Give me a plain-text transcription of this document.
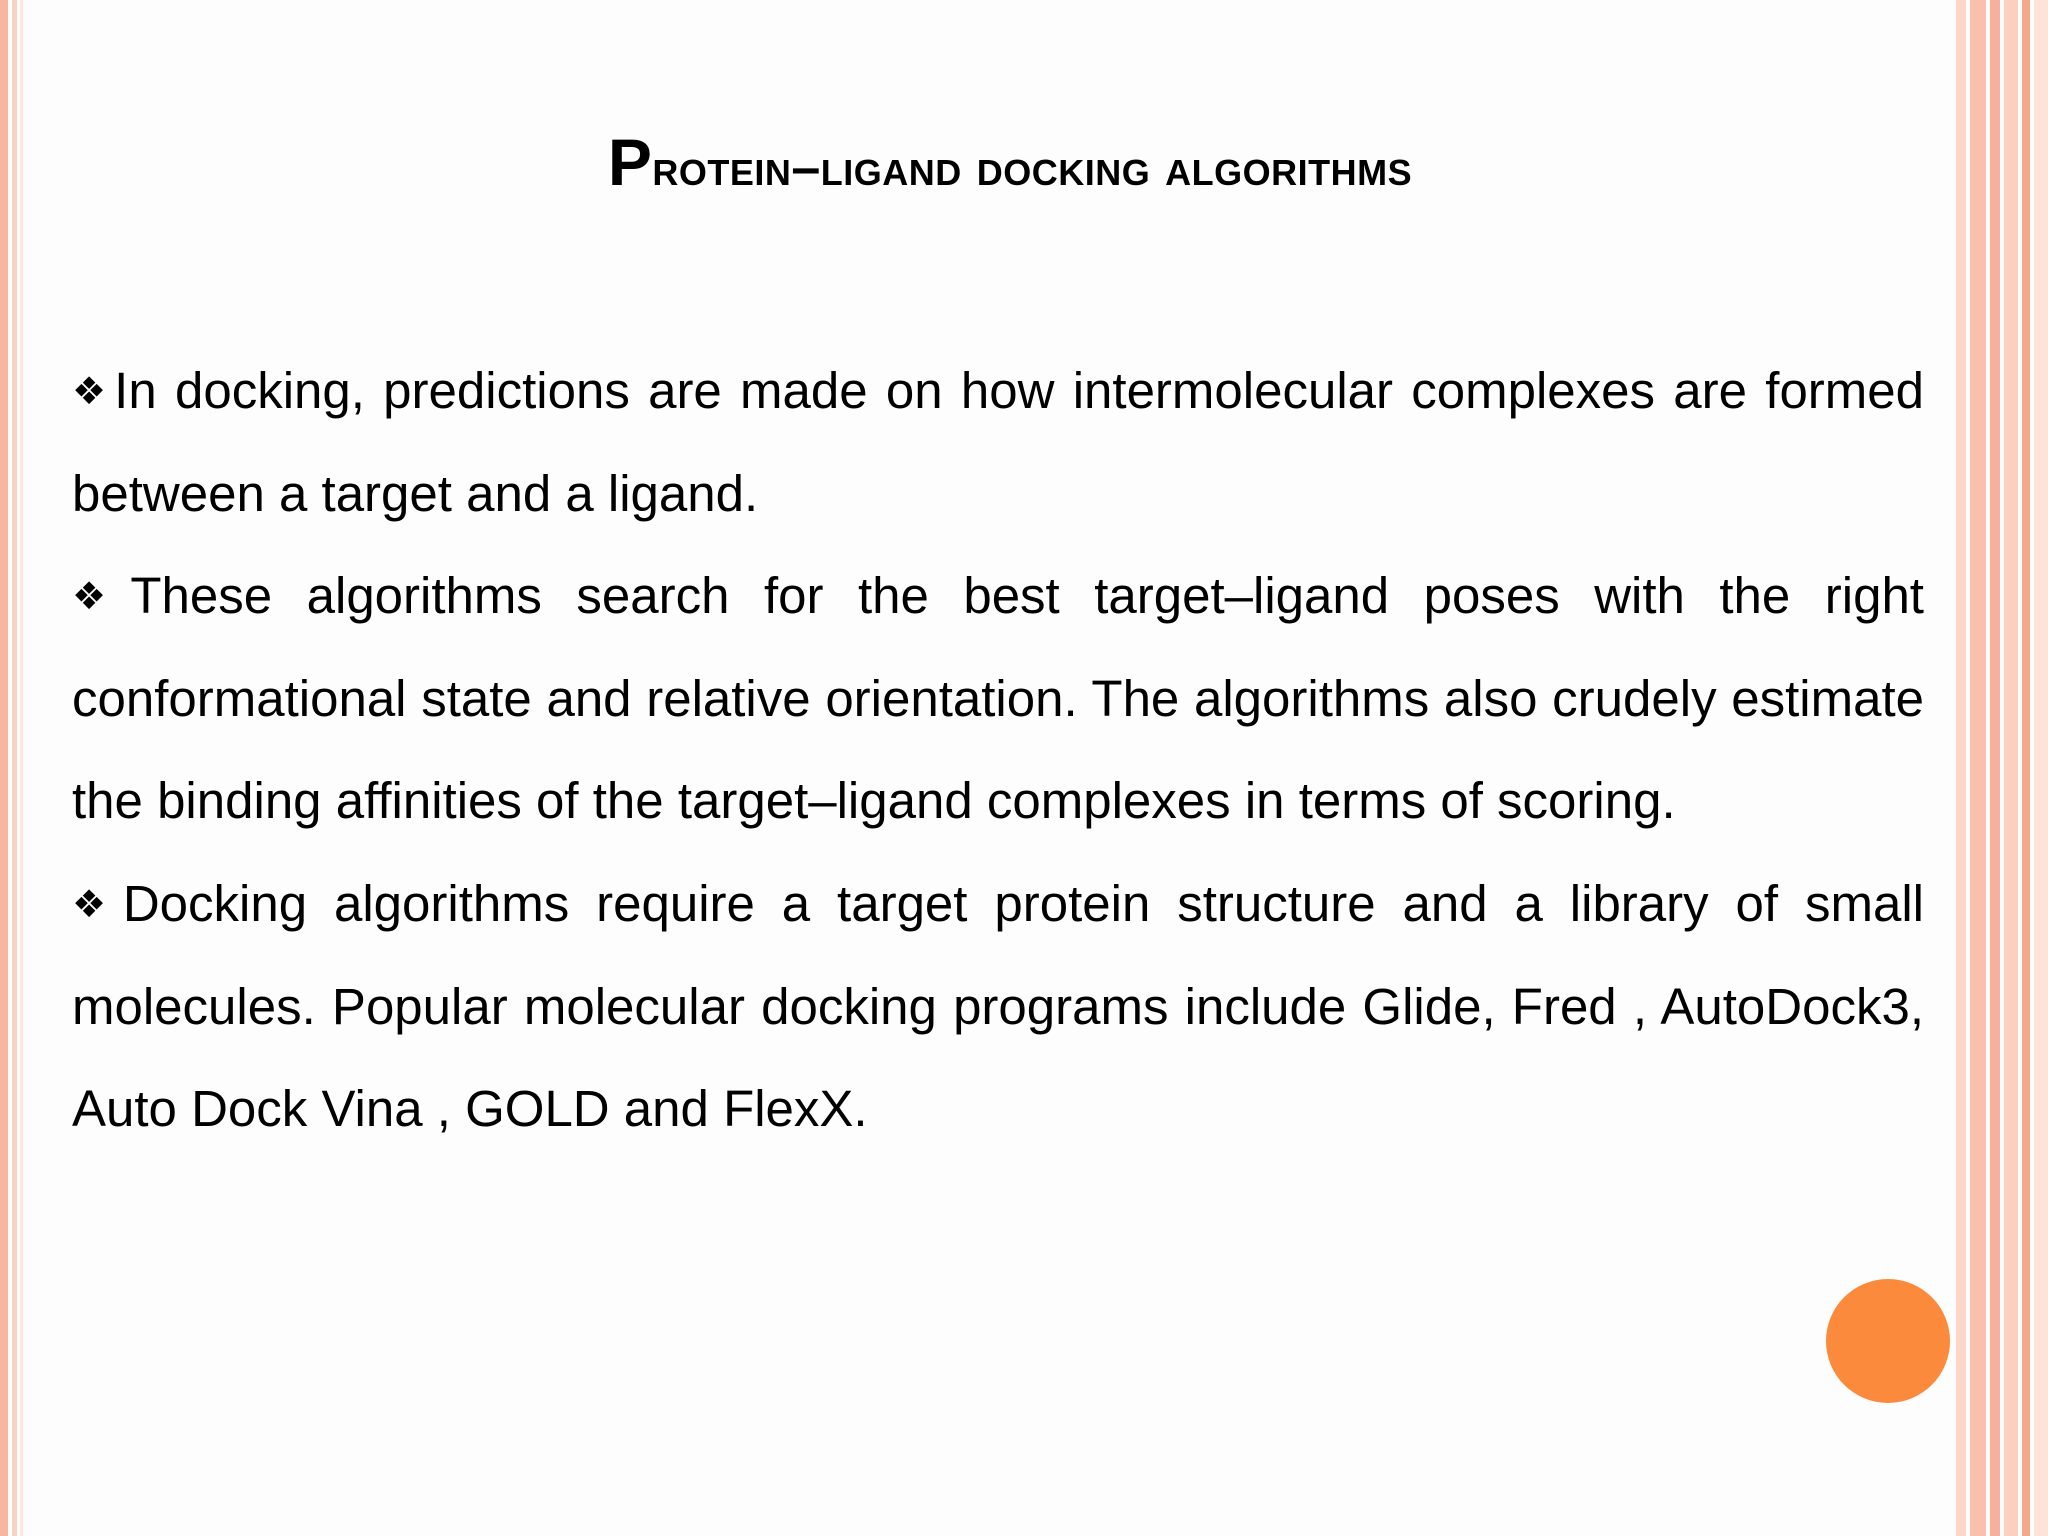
Protein–ligand docking algorithms

❖In docking, predictions are made on how intermolecular complexes are formed between a target and a ligand.

❖These algorithms search for the best target–ligand poses with the right conformational state and relative orientation. The algorithms also crudely estimate the binding affinities of the target–ligand complexes in terms of scoring.

❖Docking algorithms require a target protein structure and a library of small molecules. Popular molecular docking programs include Glide, Fred , AutoDock3, Auto Dock Vina , GOLD and FlexX.
